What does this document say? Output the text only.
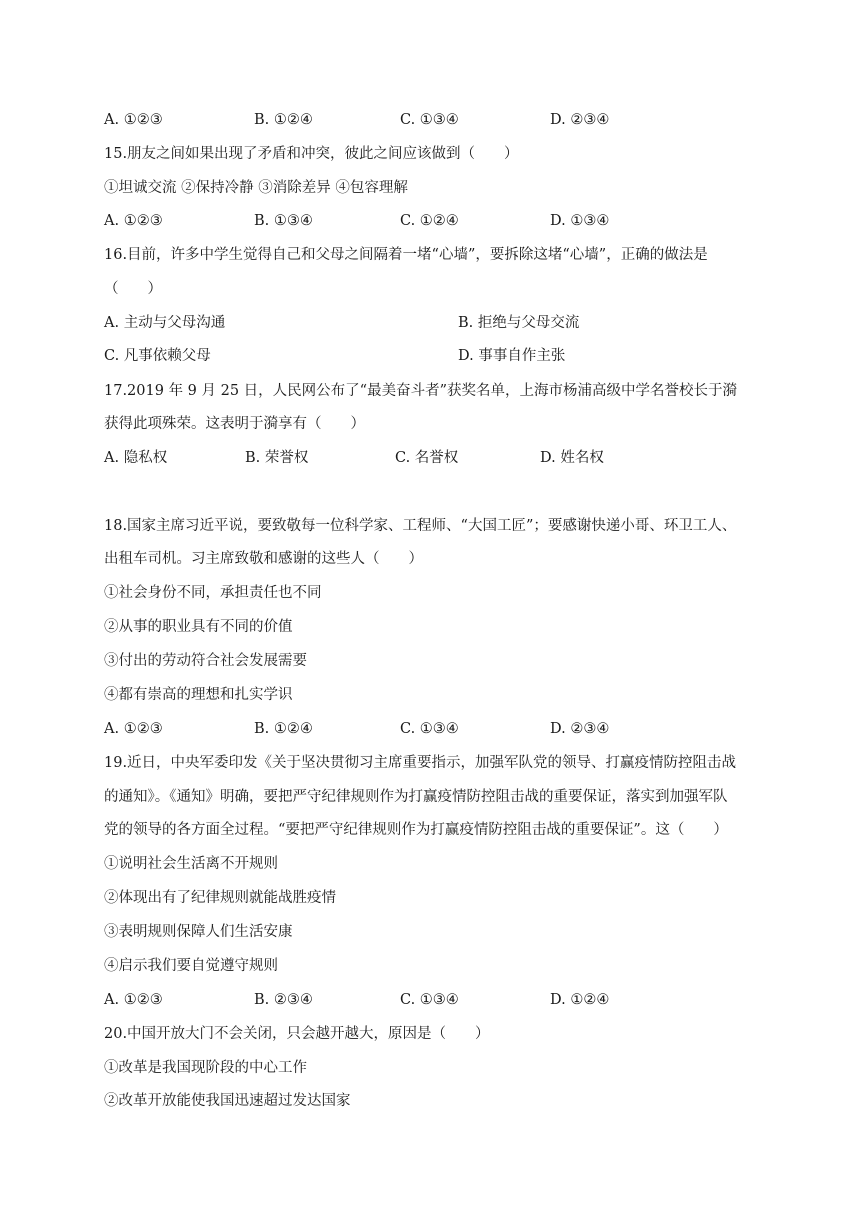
A. ①②③	B. ①②④	C. ①③④	D. ②③④
15.朋友之间如果出现了矛盾和冲突，彼此之间应该做到（　　）
①坦诚交流 ②保持冷静 ③消除差异 ④包容理解
A. ①②③	B. ①③④	C. ①②④	D. ①③④
16.目前，许多中学生觉得自己和父母之间隔着一堵“心墙”，要拆除这堵“心墙”，正确的做法是
（　　）
A. 主动与父母沟通	B. 拒绝与父母交流
C. 凡事依赖父母	D. 事事自作主张
17.2019 年 9 月 25 日，人民网公布了“最美奋斗者”获奖名单，上海市杨浦高级中学名誉校长于漪
获得此项殊荣。这表明于漪享有（　　）
A. 隐私权	B. 荣誉权	C. 名誉权	D. 姓名权
18.国家主席习近平说，要致敬每一位科学家、工程师、“大国工匠”；要感谢快递小哥、环卫工人、
出租车司机。习主席致敬和感谢的这些人（　　）
①社会身份不同，承担责任也不同
②从事的职业具有不同的价值
③付出的劳动符合社会发展需要
④都有崇高的理想和扎实学识
A. ①②③	B. ①②④	C. ①③④	D. ②③④
19.近日，中央军委印发《关于坚决贯彻习主席重要指示，加强军队党的领导、打赢疫情防控阻击战
的通知》。《通知》明确，要把严守纪律规则作为打赢疫情防控阻击战的重要保证，落实到加强军队
党的领导的各方面全过程。“要把严守纪律规则作为打赢疫情防控阻击战的重要保证”。这（　　）
①说明社会生活离不开规则
②体现出有了纪律规则就能战胜疫情
③表明规则保障人们生活安康
④启示我们要自觉遵守规则
A. ①②③	B. ②③④	C. ①③④	D. ①②④
20.中国开放大门不会关闭，只会越开越大，原因是（　　）
①改革是我国现阶段的中心工作
②改革开放能使我国迅速超过发达国家
